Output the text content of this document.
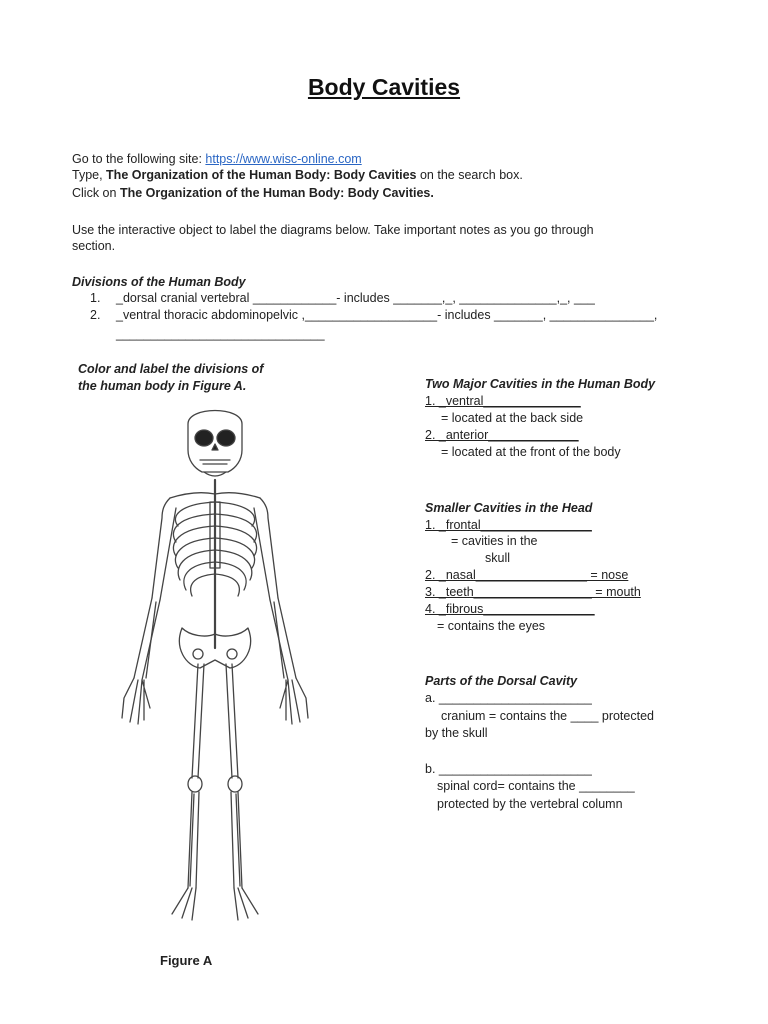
Body Cavities
Go to the following site: https://www.wisc-online.com
Type, The Organization of the Human Body: Body Cavities on the search box.
Click on The Organization of the Human Body: Body Cavities.
Use the interactive object to label the diagrams below. Take important notes as you go through
section.
Divisions of the Human Body
1. _dorsal cranial vertebral ____________- includes _______,_, ______________,_, ___
2. _ventral thoracic abdominopelvic ,___________________- includes _______, _______________,
______________________________
Color and label the divisions of
the human body in Figure A.
Figure A
Two Major Cavities in the Human Body
1. _ventral______________
= located at the back side
2. _anterior_____________
= located at the front of the body
Smaller Cavities in the Head
1. _frontal________________
= cavities in the
skull
2. _nasal________________ = nose
3. _teeth_________________ = mouth
4. _fibrous________________
= contains the eyes
Parts of the Dorsal Cavity
a. ______________________
cranium = contains the ____ protected
by the skull
b. ______________________
spinal cord= contains the ________
protected by the vertebral column
